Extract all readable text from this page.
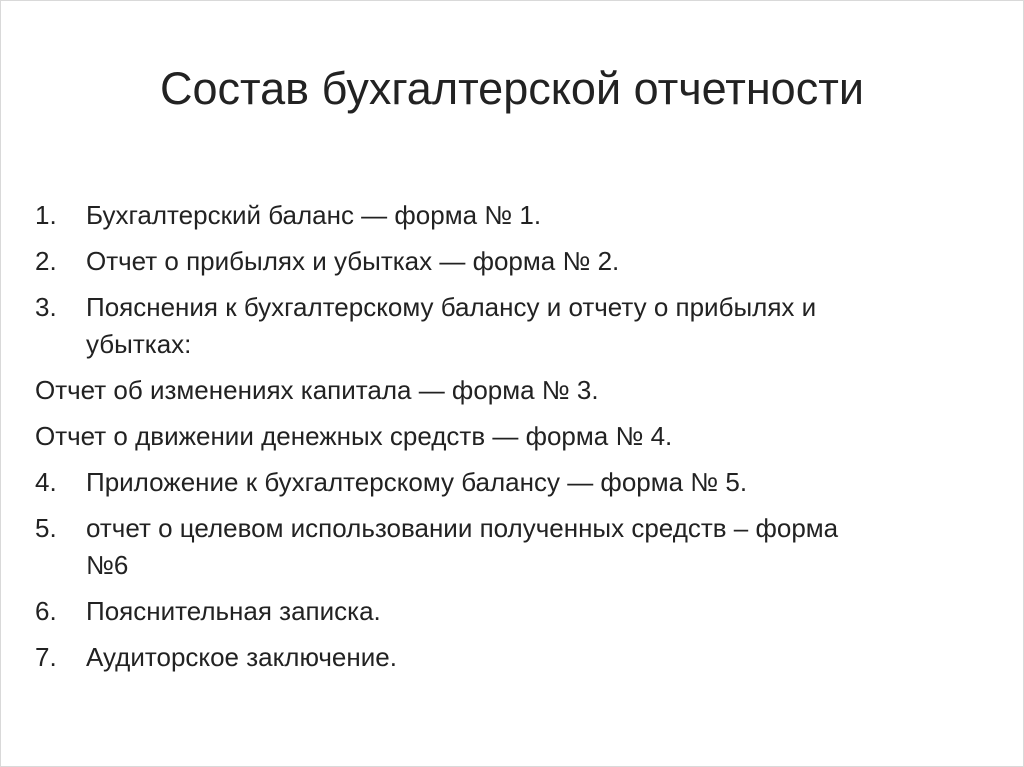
Состав бухгалтерской отчетности
1. Бухгалтерский баланс — форма № 1.
2. Отчет о прибылях и убытках — форма № 2.
3. Пояснения к бухгалтерскому балансу и отчету о прибылях и
убытках:
Отчет об изменениях капитала — форма № 3.
Отчет о движении денежных средств — форма № 4.
4. Приложение к бухгалтерскому балансу — форма № 5.
5. отчет о целевом использовании полученных средств – форма
№6
6. Пояснительная записка.
7. Аудиторское заключение.
